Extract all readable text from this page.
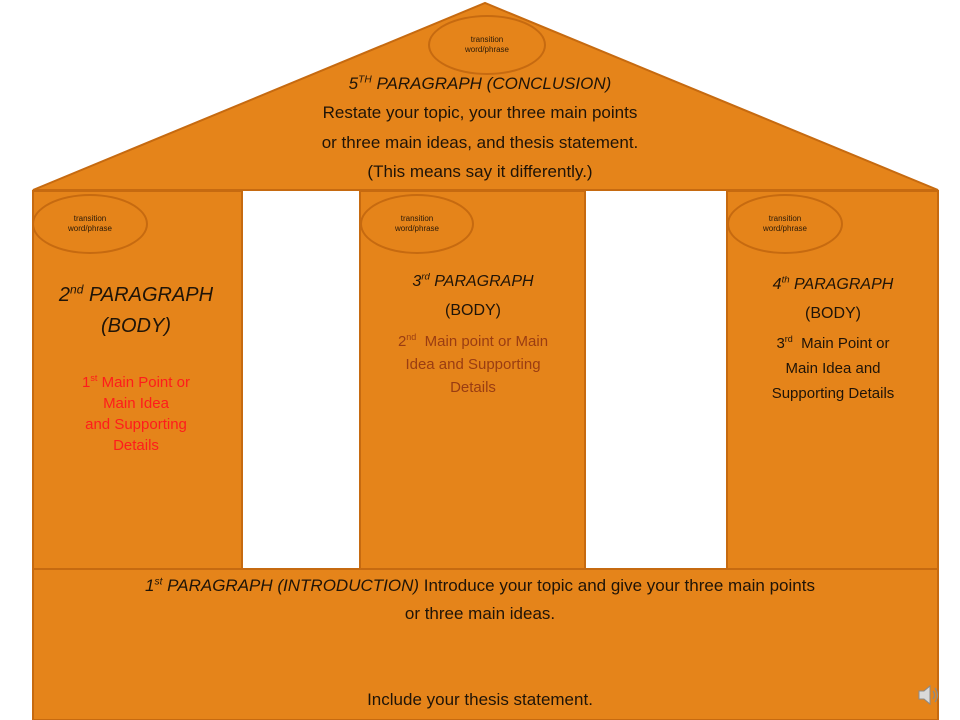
transition
word/phrase
transition
word/phrase
transition
word/phrase
transition
word/phrase
5TH PARAGRAPH (CONCLUSION)
Restate your topic, your three main points
or three main ideas, and thesis statement.
(This means say it differently.)
2nd PARAGRAPH
(BODY)
1st Main Point or
Main Idea
and Supporting
Details
3rd PARAGRAPH
(BODY)
2nd  Main point or Main
Idea and Supporting
Details
4th PARAGRAPH
(BODY)
3rd  Main Point or
Main Idea and
Supporting Details
1st PARAGRAPH (INTRODUCTION) Introduce your topic and give your three main points
or three main ideas.
Include your thesis statement.
